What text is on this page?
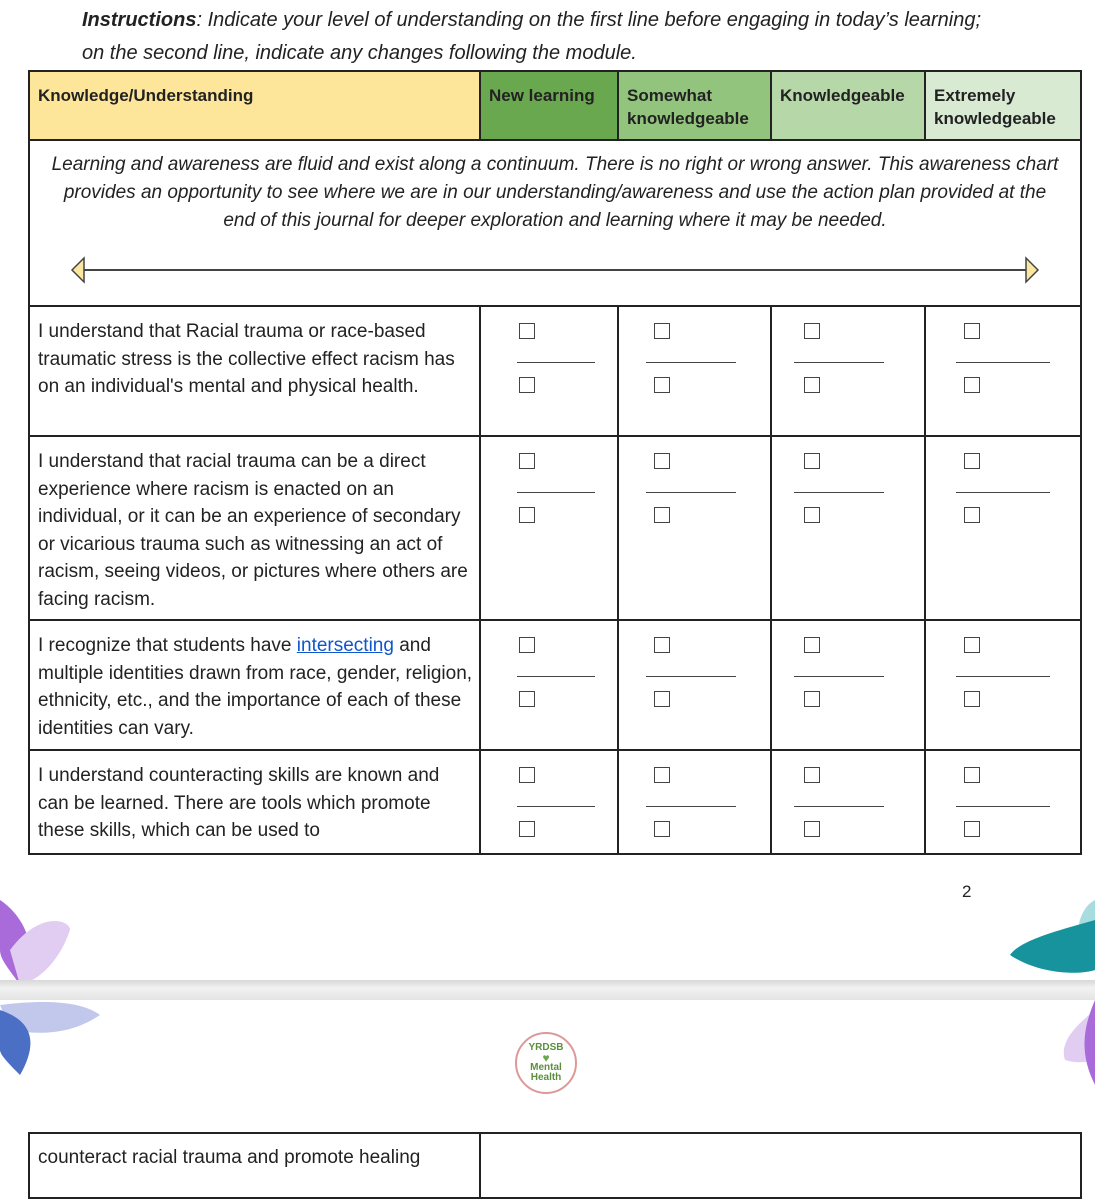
Instructions: Indicate your level of understanding on the first line before engaging in today’s learning; on the second line, indicate any changes following the module.
Knowledge/Understanding	New learning	Somewhat knowledgeable	Knowledgeable	Extremely knowledgeable

Learning and awareness are fluid and exist along a continuum. There is no right or wrong answer. This awareness chart provides an opportunity to see where we are in our understanding/awareness and use the action plan provided at the end of this journal for deeper exploration and learning where it may be needed.				

I understand that Racial trauma or race-based traumatic stress is the collective effect racism has on an individual's mental and physical health.	

I understand that racial trauma can be a direct experience where racism is enacted on an individual, or it can be an experience of secondary or vicarious trauma such as witnessing an act of racism, seeing videos, or pictures where others are facing racism.	

I recognize that students have intersecting and multiple identities drawn from race, gender, religion, ethnicity, etc., and the importance of each of these identities can vary.	

I understand counteracting skills are known and can be learned. There are tools which promote these skills, which can be used to	

2
YRDSB
♥
Mental
Health
counteract racial trauma and promote healing	
